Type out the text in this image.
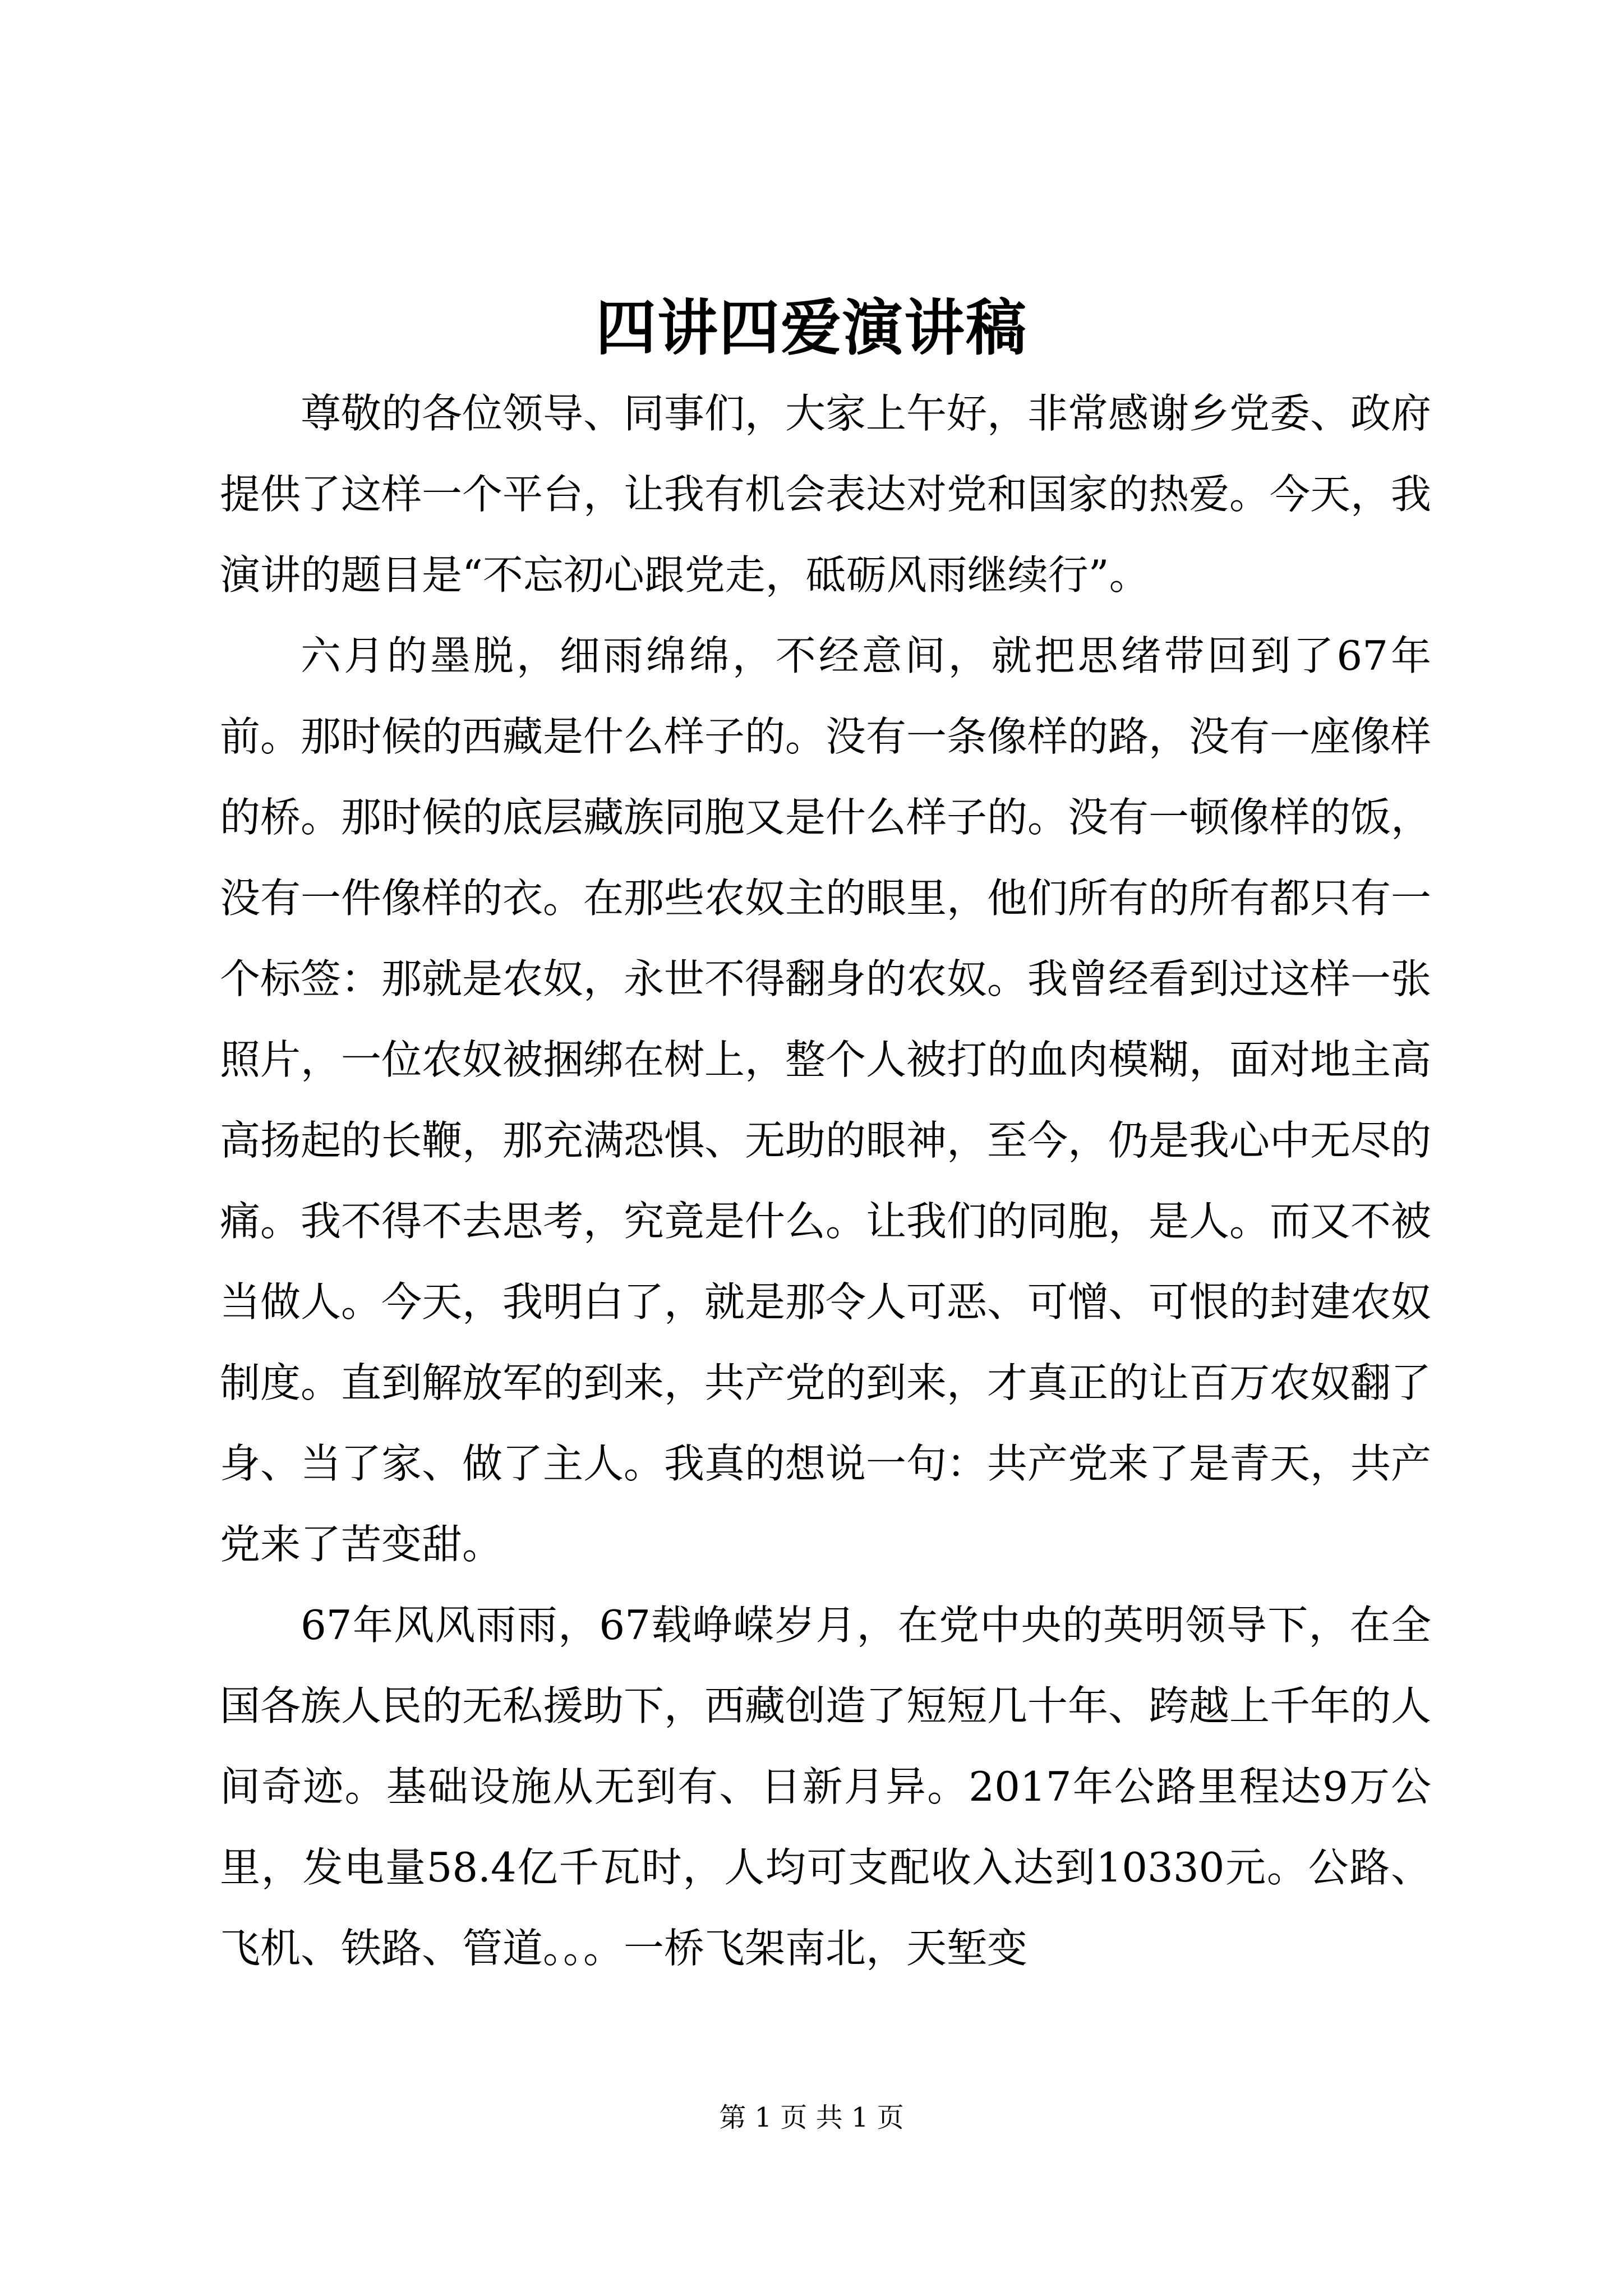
四讲四爱演讲稿

尊敬的各位领导、同事们，大家上午好，非常感谢乡党委、政府提供了这样一个平台，让我有机会表达对党和国家的热爱。今天，我演讲的题目是“不忘初心跟党走，砥砺风雨继续行”。

六月的墨脱，细雨绵绵，不经意间，就把思绪带回到了67年前。那时候的西藏是什么样子的。没有一条像样的路，没有一座像样的桥。那时候的底层藏族同胞又是什么样子的。没有一顿像样的饭，没有一件像样的衣。在那些农奴主的眼里，他们所有的所有都只有一个标签：那就是农奴，永世不得翻身的农奴。我曾经看到过这样一张照片，一位农奴被捆绑在树上，整个人被打的血肉模糊，面对地主高高扬起的长鞭，那充满恐惧、无助的眼神，至今，仍是我心中无尽的痛。我不得不去思考，究竟是什么。让我们的同胞，是人。而又不被当做人。今天，我明白了，就是那令人可恶、可憎、可恨的封建农奴制度。直到解放军的到来，共产党的到来，才真正的让百万农奴翻了身、当了家、做了主人。我真的想说一句：共产党来了是青天，共产党来了苦变甜。

67年风风雨雨，67载峥嵘岁月，在党中央的英明领导下，在全国各族人民的无私援助下，西藏创造了短短几十年、跨越上千年的人间奇迹。基础设施从无到有、日新月异。2017年公路里程达9万公里，发电量58.4亿千瓦时，人均可支配收入达到10330元。公路、飞机、铁路、管道。。。一桥飞架南北，天堑变

第 1 页 共 1 页
